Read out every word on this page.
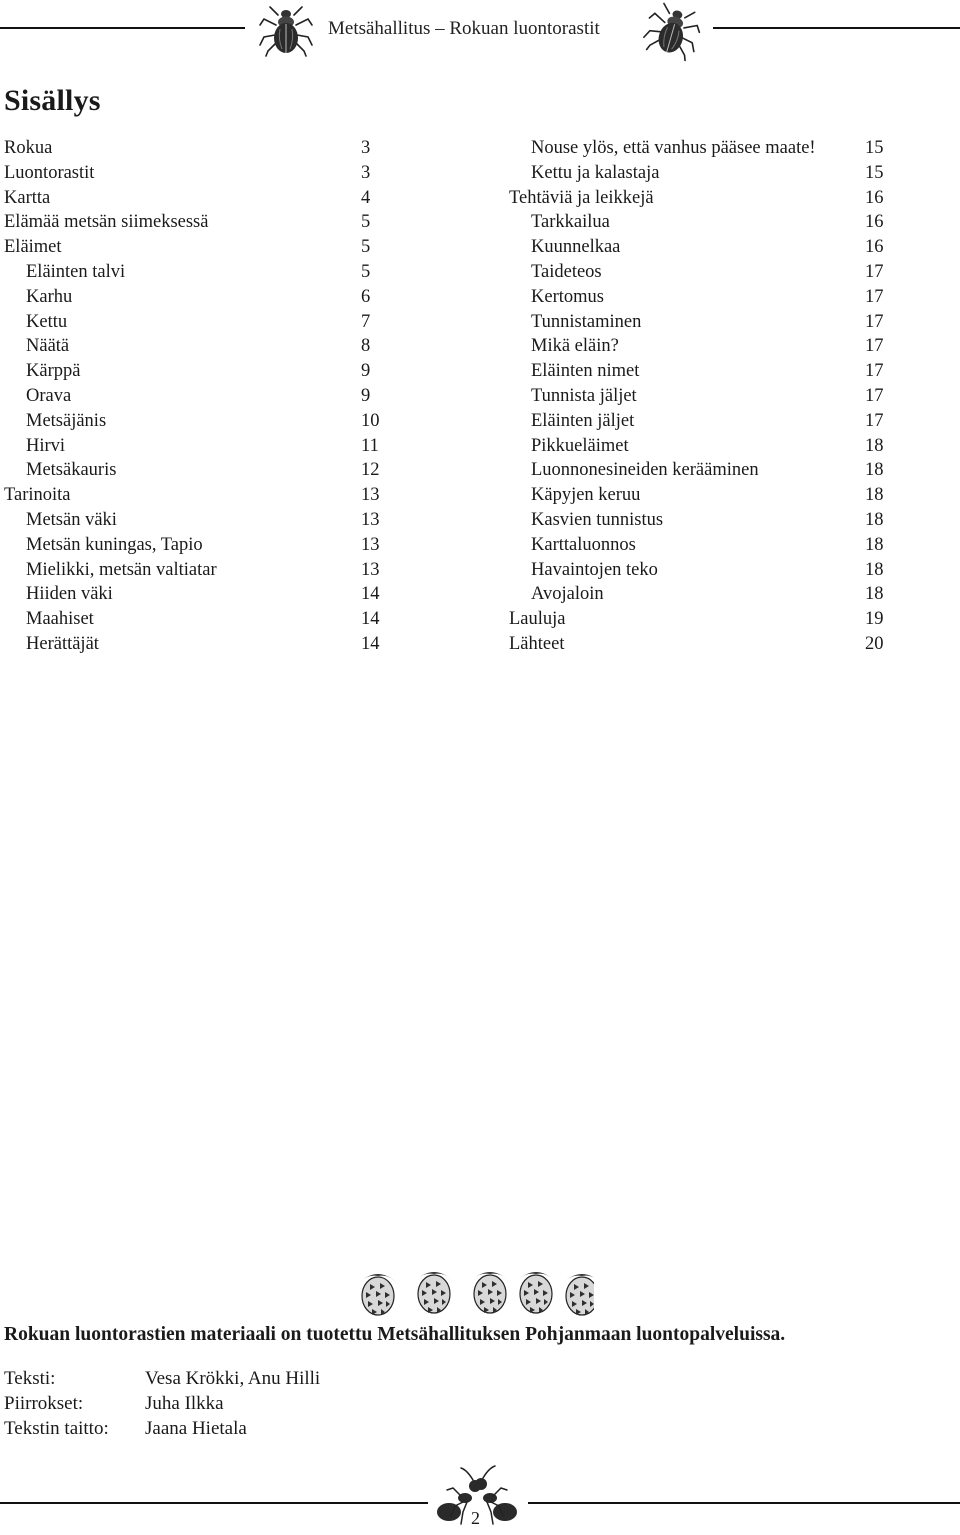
Metsähallitus – Rokuan luontorastit
Sisällys
Rokua	3
Luontorastit	3
Kartta	4
Elämää metsän siimeksessä	5
Eläimet	5
Eläinten talvi	5
Karhu	6
Kettu	7
Näätä	8
Kärppä	9
Orava	9
Metsäjänis	10
Hirvi	11
Metsäkauris	12
Tarinoita	13
Metsän väki	13
Metsän kuningas, Tapio	13
Mielikki, metsän valtiatar	13
Hiiden väki	14
Maahiset	14
Herättäjät	14
Nouse ylös, että vanhus pääsee maate!	15
Kettu ja kalastaja	15
Tehtäviä ja leikkejä	16
Tarkkailua	16
Kuunnelkaa	16
Taideteos	17
Kertomus	17
Tunnistaminen	17
Mikä eläin?	17
Eläinten nimet	17
Tunnista jäljet	17
Eläinten jäljet	17
Pikkueläimet	18
Luonnonesineiden kerääminen	18
Käpyjen keruu	18
Kasvien tunnistus	18
Karttaluonnos	18
Havaintojen teko	18
Avojaloin	18
Lauluja	19
Lähteet	20
Rokuan luontorastien materiaali on tuotettu Metsähallituksen Pohjanmaan luontopalveluissa.
Teksti:	Vesa Krökki, Anu Hilli
Piirrokset:	Juha Ilkka
Tekstin taitto: Jaana Hietala
2
